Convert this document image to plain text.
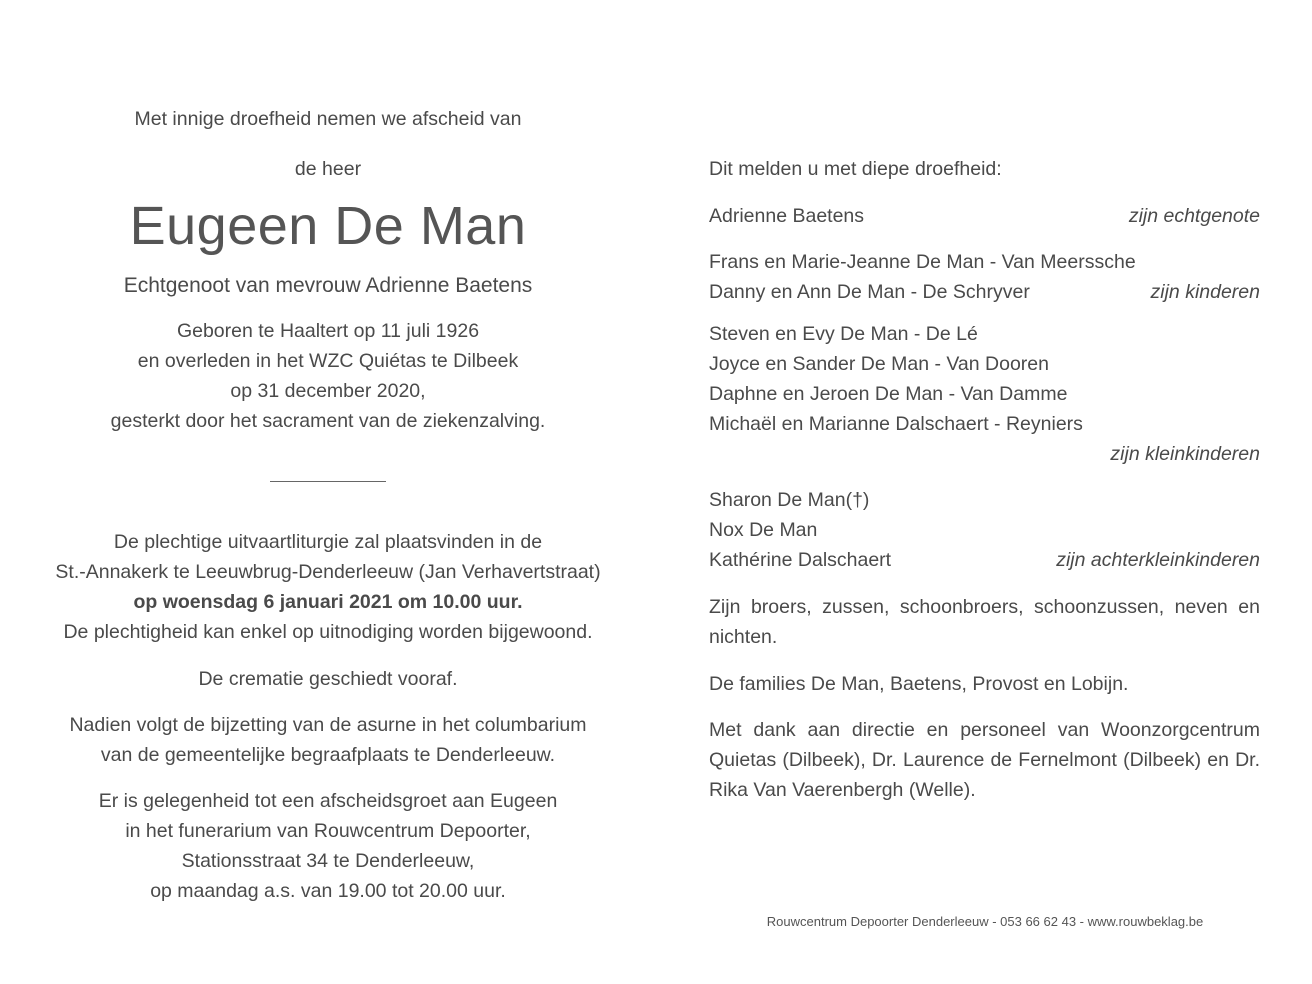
Met innige droefheid nemen we afscheid van
de heer
Eugeen De Man
Echtgenoot van mevrouw Adrienne Baetens
Geboren te Haaltert op 11 juli 1926
en overleden in het WZC Quiétas te Dilbeek
op 31 december 2020,
gesterkt door het sacrament van de ziekenzalving.
De plechtige uitvaartliturgie zal plaatsvinden in de
St.-Annakerk te Leeuwbrug-Denderleeuw (Jan Verhavertstraat)
op woensdag 6 januari 2021 om 10.00 uur.
De plechtigheid kan enkel op uitnodiging worden bijgewoond.
De crematie geschiedt vooraf.
Nadien volgt de bijzetting van de asurne in het columbarium
van de gemeentelijke begraafplaats te Denderleeuw.
Er is gelegenheid tot een afscheidsgroet aan Eugeen
in het funerarium van Rouwcentrum Depoorter,
Stationsstraat 34 te Denderleeuw,
op maandag a.s. van 19.00 tot 20.00 uur.
Dit melden u met diepe droefheid:
Adrienne Baetens	zijn echtgenote
Frans en Marie-Jeanne De Man - Van Meerssche
Danny en Ann De Man - De Schryver	zijn kinderen
Steven en Evy De Man - De Lé
Joyce en Sander De Man - Van Dooren
Daphne en Jeroen De Man - Van Damme
Michaël en Marianne Dalschaert - Reyniers
zijn kleinkinderen
Sharon De Man(†)
Nox De Man
Kathérine Dalschaert	zijn achterkleinkinderen
Zijn broers, zussen, schoonbroers, schoonzussen, neven en nichten.
De families De Man, Baetens, Provost en Lobijn.
Met dank aan directie en personeel van Woonzorgcentrum Quietas (Dilbeek), Dr. Laurence de Fernelmont (Dilbeek) en Dr. Rika Van Vaerenbergh (Welle).
Rouwcentrum Depoorter Denderleeuw - 053 66 62 43 - www.rouwbeklag.be
